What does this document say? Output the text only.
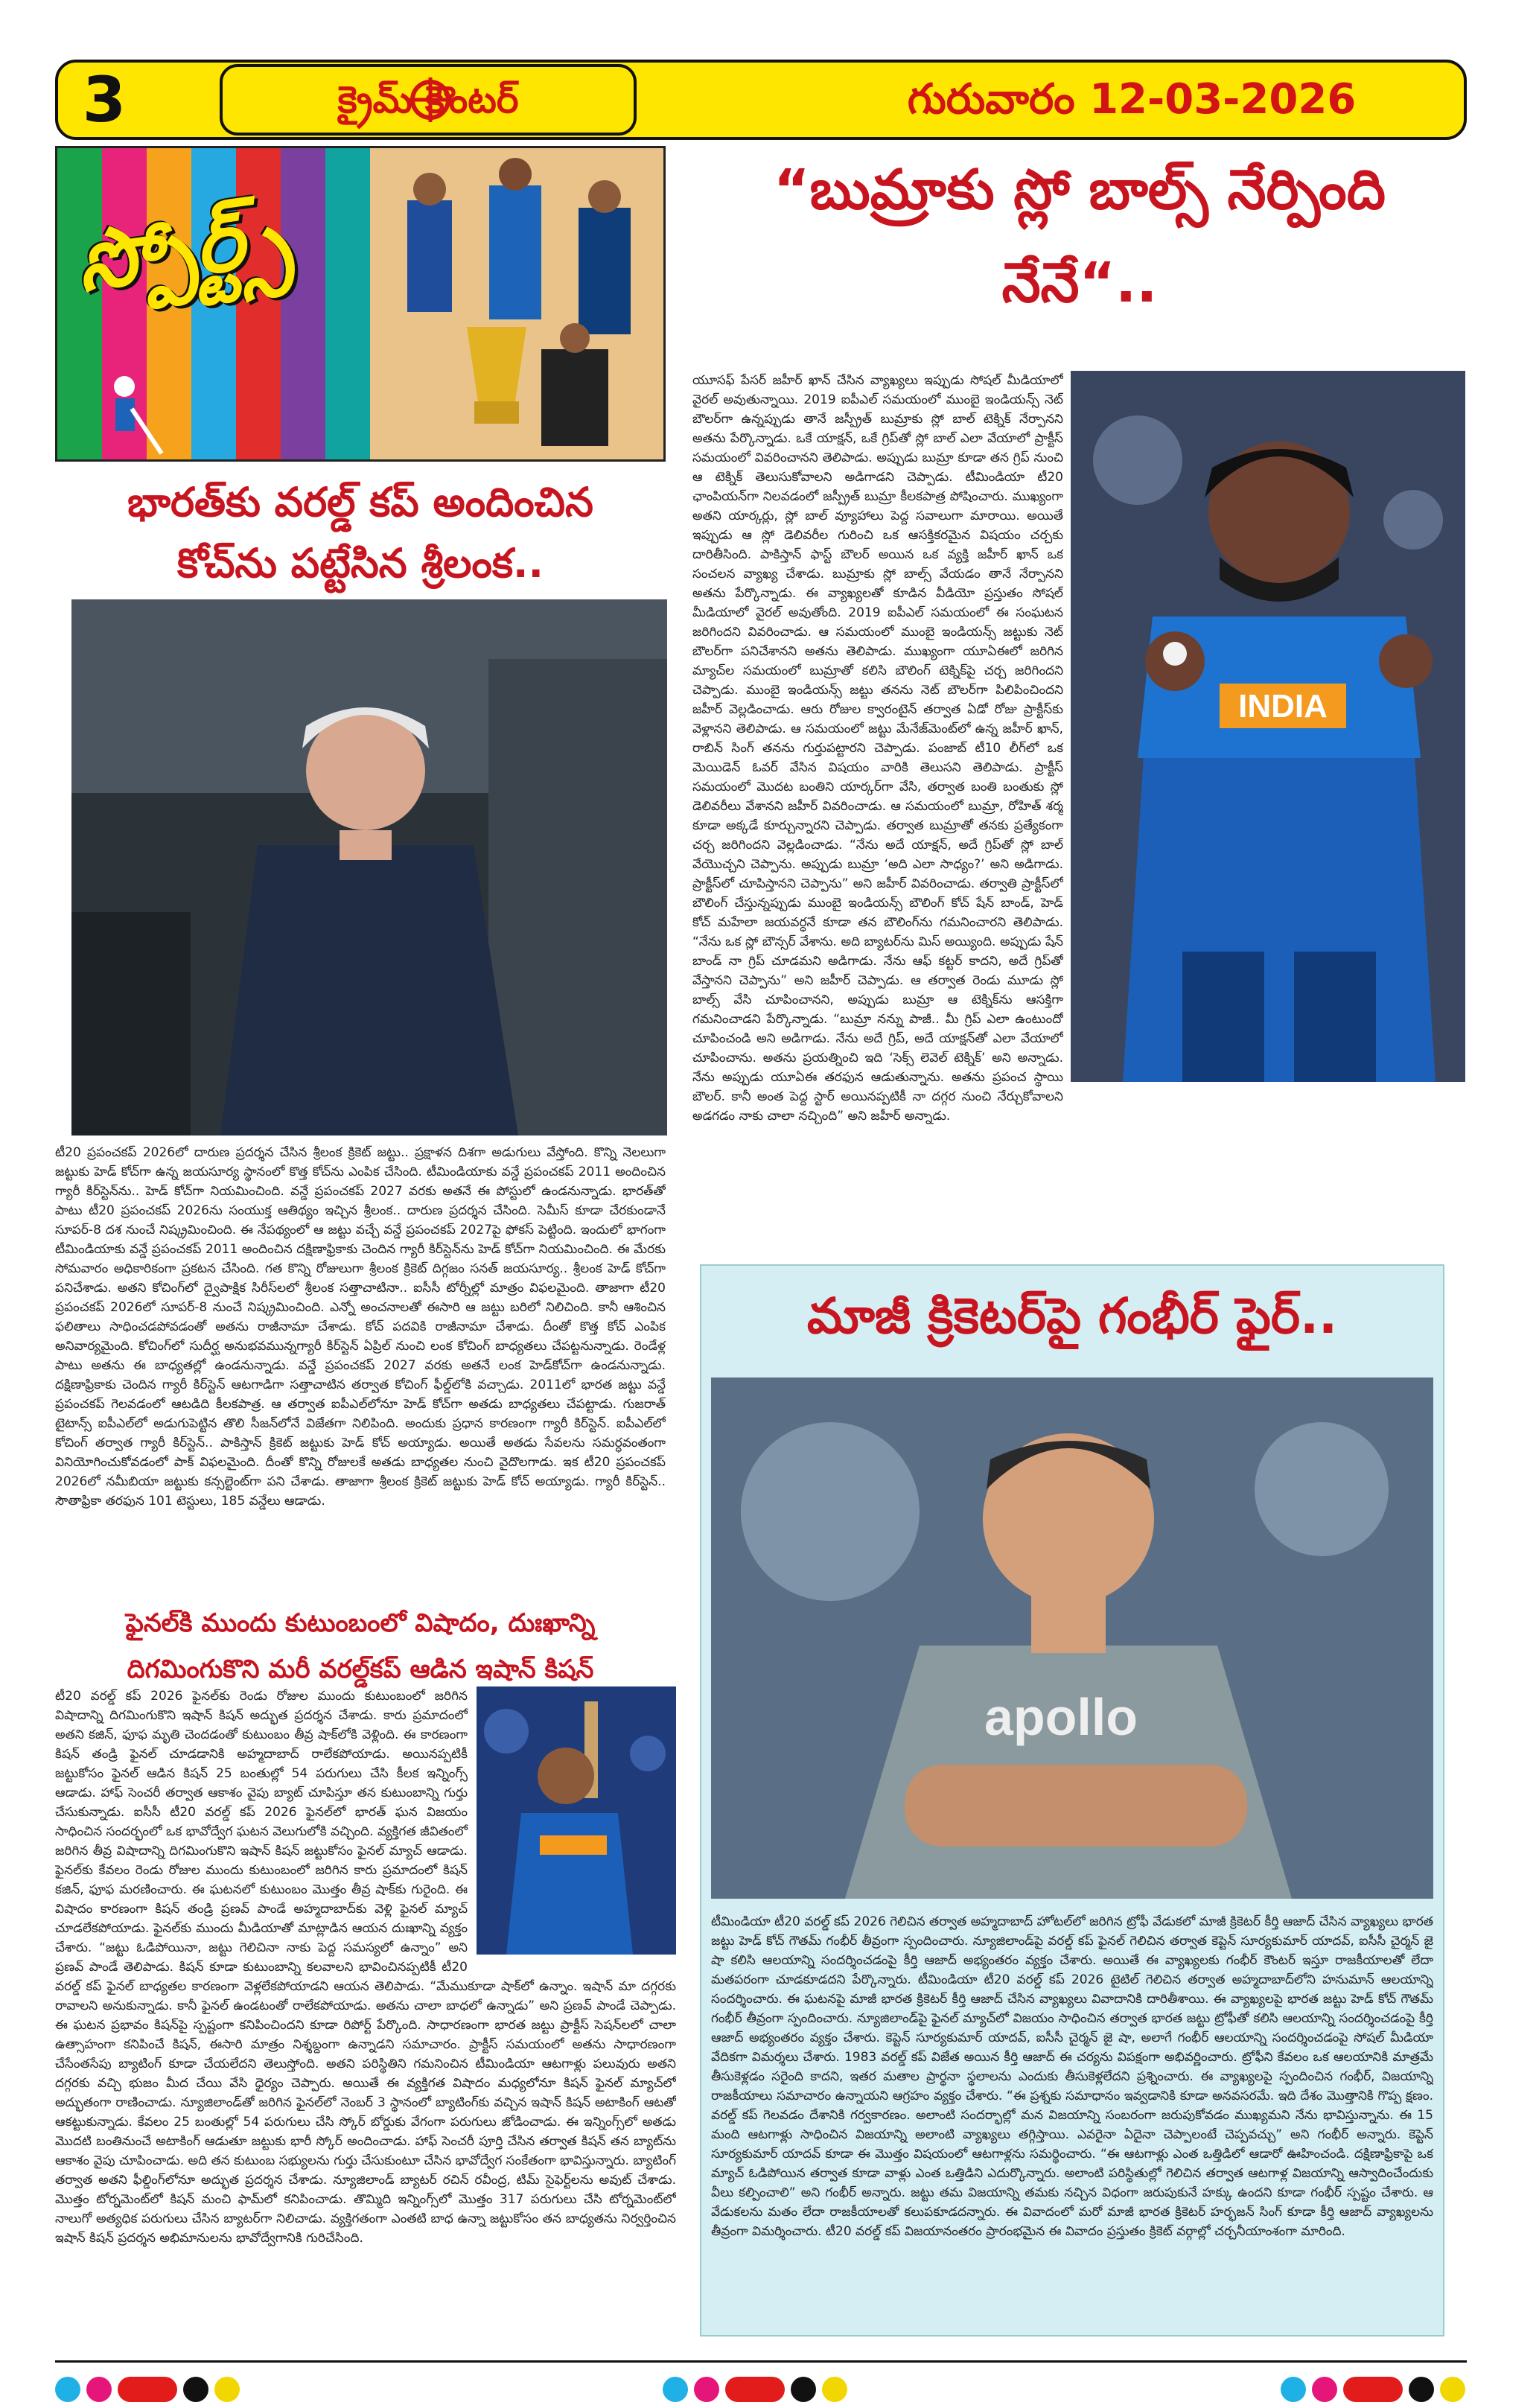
3	క్రైమ్ కౌంటర్	గురువారం 12-03-2026
స్పోర్ట్స్	“బుమ్రాకు స్లో బాల్స్ నేర్పింది
నేనే“..
INDIA
యూసఫ్ పేసర్ జహీర్ ఖాన్ చేసిన వ్యాఖ్యలు ఇప్పుడు సోషల్ మీడియాలో వైరల్ అవుతున్నాయి. 2019 ఐపీఎల్ సమయంలో ముంబై ఇండియన్స్ నెట్ బౌలర్‌గా ఉన్నప్పుడు తానే జస్ప్రీత్ బుమ్రాకు స్లో బాల్ టెక్నిక్ నేర్పానని అతను పేర్కొన్నాడు. ఒకే యాక్షన్, ఒకే గ్రిప్‌తో స్లో బాల్ ఎలా వేయాలో ప్రాక్టీస్ సమయంలో వివరించానని తెలిపాడు. అప్పుడు బుమ్రా కూడా తన గ్రిప్ నుంచి ఆ టెక్నిక్ తెలుసుకోవాలని అడిగాడని చెప్పాడు. టీమిండియా టీ20 ఛాంపియన్‌గా నిలవడంలో జస్ప్రీత్ బుమ్రా కీలకపాత్ర పోషించారు. ముఖ్యంగా అతని యార్కర్లు, స్లో బాల్ వ్యూహాలు పెద్ద సవాలుగా మారాయి. అయితే ఇప్పుడు ఆ స్లో డెలివరీల గురించి ఒక ఆసక్తికరమైన విషయం చర్చకు దారితీసింది. పాకిస్తాన్ ఫాస్ట్ బౌలర్ అయిన ఒక వ్యక్తి జహీర్ ఖాన్ ఒక సంచలన వ్యాఖ్య చేశాడు. బుమ్రాకు స్లో బాల్స్ వేయడం తానే నేర్పానని అతను పేర్కొన్నాడు. ఈ వ్యాఖ్యలతో కూడిన వీడియో ప్రస్తుతం సోషల్ మీడియాలో వైరల్ అవుతోంది. 2019 ఐపీఎల్ సమయంలో ఈ సంఘటన జరిగిందని వివరించాడు. ఆ సమయంలో ముంబై ఇండియన్స్ జట్టుకు నెట్ బౌలర్‌గా పనిచేశానని అతను తెలిపాడు. ముఖ్యంగా యూఏఈలో జరిగిన మ్యాచ్‌ల సమయంలో బుమ్రాతో కలిసి బౌలింగ్ టెక్నిక్‌పై చర్చ జరిగిందని చెప్పాడు. ముంబై ఇండియన్స్ జట్టు తనను నెట్ బౌలర్‌గా పిలిపించిందని జహీర్ వెల్లడించాడు. ఆరు రోజుల క్వారంటైన్ తర్వాత ఏడో రోజు ప్రాక్టీస్‌కు వెళ్లానని తెలిపాడు. ఆ సమయంలో జట్టు మేనేజ్‌మెంట్‌లో ఉన్న జహీర్ ఖాన్, రాబిన్ సింగ్ తనను గుర్తుపట్టారని చెప్పాడు. పంజాబ్ టీ10 లీగ్‌లో ఒక మెయిడెన్ ఓవర్ వేసిన విషయం వారికి తెలుసని తెలిపాడు. ప్రాక్టీస్ సమయంలో మొదట బంతిని యార్కర్‌గా వేసి, తర్వాత బంతి బంతుకు స్లో డెలివరీలు వేశానని జహీర్ వివరించాడు. ఆ సమయంలో బుమ్రా, రోహిత్ శర్మ కూడా అక్కడే కూర్చున్నారని చెప్పాడు. తర్వాత బుమ్రాతో తనకు ప్రత్యేకంగా చర్చ జరిగిందని వెల్లడించాడు. “నేను అదే యాక్షన్, అదే గ్రిప్‌తో స్లో బాల్ వేయొచ్చని చెప్పాను. అప్పుడు బుమ్రా ‘అది ఎలా సాధ్యం?’ అని అడిగాడు. ప్రాక్టీస్‌లో చూపిస్తానని చెప్పాను” అని జహీర్ వివరించాడు. తర్వాతి ప్రాక్టీస్‌లో బౌలింగ్ చేస్తున్నప్పుడు ముంబై ఇండియన్స్ బౌలింగ్ కోచ్ షేన్ బాండ్, హెడ్ కోచ్ మహేలా జయవర్ధనే కూడా తన బౌలింగ్‌ను గమనించారని తెలిపాడు. “నేను ఒక స్లో బౌన్సర్ వేశాను. అది బ్యాటర్‌ను మిస్ అయ్యింది. అప్పుడు షేన్ బాండ్ నా గ్రిప్ చూడమని అడిగాడు. నేను ఆఫ్ కట్టర్ కాదని, అదే గ్రిప్‌తో వేస్తానని చెప్పాను” అని జహీర్ చెప్పాడు. ఆ తర్వాత రెండు మూడు స్లో బాల్స్ వేసి చూపించానని, అప్పుడు బుమ్రా ఆ టెక్నిక్‌ను ఆసక్తిగా గమనించాడని పేర్కొన్నాడు. “బుమ్రా నన్ను పాజీ.. మీ గ్రిప్ ఎలా ఉంటుందో చూపించండి అని అడిగాడు. నేను అదే గ్రిప్, అదే యాక్షన్‌తో ఎలా వేయాలో చూపించాను. అతను ప్రయత్నించి ఇది ‘సెక్స్ లెవెల్ టెక్నిక్’ అని అన్నాడు. నేను అప్పుడు యూఏఈ తరఫున ఆడుతున్నాను. అతను ప్రపంచ స్థాయి బౌలర్. కానీ అంత పెద్ద స్టార్ అయినప్పటికీ నా దగ్గర నుంచి నేర్చుకోవాలని అడగడం నాకు చాలా నచ్చింది” అని జహీర్ అన్నాడు.
భారత్‌కు వరల్డ్ కప్ అందించిన
కోచ్‌ను పట్టేసిన శ్రీలంక..
టీ20 ప్రపంచకప్ 2026లో దారుణ ప్రదర్శన చేసిన శ్రీలంక క్రికెట్ జట్టు.. ప్రక్షాళన దిశగా అడుగులు వేస్తోంది. కొన్ని నెలలుగా జట్టుకు హెడ్ కోచ్‌గా ఉన్న జయసూర్య స్థానంలో కొత్త కోచ్‌ను ఎంపిక చేసింది. టీమిండియాకు వన్డే ప్రపంచకప్ 2011 అందించిన గ్యారీ కిర్‌స్టెన్‌ను.. హెడ్ కోచ్‌గా నియమించింది. వన్డే ప్రపంచకప్ 2027 వరకు అతనే ఈ పోస్టులో ఉండనున్నాడు. భారత్‌తో పాటు టీ20 ప్రపంచకప్ 2026ను సంయుక్త ఆతిథ్యం ఇచ్చిన శ్రీలంక.. దారుణ ప్రదర్శన చేసింది. సెమీస్ కూడా చేరకుండానే సూపర్-8 దశ నుంచే నిష్క్రమించింది. ఈ నేపథ్యంలో ఆ జట్టు వచ్చే వన్డే ప్రపంచకప్ 2027పై ఫోకస్ పెట్టింది. ఇందులో భాగంగా టీమిండియాకు వన్డే ప్రపంచకప్ 2011 అందించిన దక్షిణాఫ్రికాకు చెందిన గ్యారీ కిర్‌స్టెన్‌ను హెడ్ కోచ్‌గా నియమించింది. ఈ మేరకు సోమవారం అధికారికంగా ప్రకటన చేసింది. గత కొన్ని రోజులుగా శ్రీలంక క్రికెట్ దిగ్గజం సనత్ జయసూర్య.. శ్రీలంక హెడ్ కోచ్‌గా పనిచేశాడు. అతని కోచింగ్‌లో ద్వైపాక్షిక సిరీస్‌లలో శ్రీలంక సత్తాచాటినా.. ఐసీసీ టోర్నీల్లో మాత్రం విఫలమైంది. తాజాగా టీ20 ప్రపంచకప్ 2026లో సూపర్-8 నుంచే నిష్క్రమించింది. ఎన్నో అంచనాలతో ఈసారి ఆ జట్టు బరిలో నిలిచింది. కానీ ఆశించిన ఫలితాలు సాధించడపోవడంతో అతను రాజీనామా చేశాడు. కోచ్ పదవికి రాజీనామా చేశాడు. దీంతో కొత్త కోచ్ ఎంపిక అనివార్యమైంది. కోచింగ్‌లో సుదీర్ఘ అనుభవమున్నగ్యారీ కిర్‌స్టెన్ ఏప్రిల్ నుంచి లంక కోచింగ్ బాధ్యతలు చేపట్టనున్నాడు. రెండేళ్ల పాటు అతను ఈ బాధ్యతల్లో ఉండనున్నాడు. వన్డే ప్రపంచకప్ 2027 వరకు అతనే లంక హెడ్‌కోచ్‌గా ఉండనున్నాడు. దక్షిణాఫ్రికాకు చెందిన గ్యారీ కిర్‌స్టెన్ ఆటగాడిగా సత్తాచాటిన తర్వాత కోచింగ్ ఫీల్డ్‌లోకి వచ్చాడు. 2011లో భారత జట్టు వన్డే ప్రపంచకప్ గెలవడంలో ఆటడిది కీలకపాత్ర. ఆ తర్వాత ఐపీఎల్‌లోనూ హెడ్ కోచ్‌గా అతడు బాధ్యతలు చేపట్టాడు. గుజరాత్ టైటాన్స్ ఐపీఎల్‌లో అడుగుపెట్టిన తొలి సీజన్‌లోనే విజేతగా నిలిపింది. అందుకు ప్రధాన కారణంగా గ్యారీ కిర్‌స్టెన్. ఐపీఎల్‌లో కోచింగ్ తర్వాత గ్యారీ కిర్‌స్టెన్.. పాకిస్తాన్ క్రికెట్ జట్టుకు హెడ్ కోచ్ అయ్యాడు. అయితే అతడు సేవలను సమర్ధవంతంగా వినియోగించుకోవడంలో పాక్ విఫలమైంది. దీంతో కొన్ని రోజులకే అతడు బాధ్యతల నుంచి వైదొలగాడు. ఇక టీ20 ప్రపంచకప్ 2026లో నమీబియా జట్టుకు కన్సల్టెంట్‌గా పని చేశాడు. తాజాగా శ్రీలంక క్రికెట్ జట్టుకు హెడ్ కోచ్ అయ్యాడు. గ్యారీ కిర్‌స్టెన్.. సౌతాఫ్రికా తరఫున 101 టెస్టులు, 185 వన్డేలు ఆడాడు.
ఫైనల్‌కి ముందు కుటుంబంలో విషాదం, దుఃఖాన్ని
దిగమింగుకొని మరీ వరల్డ్‌కప్ ఆడిన ఇషాన్ కిషన్
టీ20 వరల్డ్ కప్ 2026 ఫైనల్‌కు రెండు రోజుల ముందు కుటుంబంలో జరిగిన విషాదాన్ని దిగమింగుకొని ఇషాన్ కిషన్ అద్భుత ప్రదర్శన చేశాడు. కారు ప్రమాదంలో అతని కజిన్, ఫూఫ మృతి చెందడంతో కుటుంబం తీవ్ర షాక్‌లోకి వెళ్లింది. ఈ కారణంగా కిషన్ తండ్రి ఫైనల్ చూడడానికి అహ్మదాబాద్ రాలేకపోయాడు. అయినప్పటికీ జట్టుకోసం ఫైనల్ ఆడిన కిషన్ 25 బంతుల్లో 54 పరుగులు చేసి కీలక ఇన్నింగ్స్ ఆడాడు. హాఫ్ సెంచరీ తర్వాత ఆకాశం వైపు బ్యాట్ చూపిస్తూ తన కుటుంబాన్ని గుర్తు చేసుకున్నాడు. ఐసీసీ టీ20 వరల్డ్ కప్ 2026 ఫైనల్‌లో భారత్ ఘన విజయం సాధించిన సందర్భంలో ఒక భావోద్వేగ ఘటన వెలుగులోకి వచ్చింది. వ్యక్తిగత జీవితంలో జరిగిన తీవ్ర విషాదాన్ని దిగమింగుకొని ఇషాన్ కిషన్ జట్టుకోసం ఫైనల్ మ్యాచ్ ఆడాడు. ఫైనల్‌కు కేవలం రెండు రోజుల ముందు కుటుంబంలో జరిగిన కారు ప్రమాదంలో కిషన్ కజిన్, ఫూఫ మరణించారు. ఈ ఘటనలో కుటుంబం మొత్తం తీవ్ర షాక్‌కు గురైంది. ఈ విషాదం కారణంగా కిషన్ తండ్రి ప్రణవ్ పాండే అహ్మదాబాద్‌కు వెళ్లి ఫైనల్ మ్యాచ్ చూడలేకపోయాడు. ఫైనల్‌కు ముందు మీడియాతో మాట్లాడిన ఆయన దుఃఖాన్ని వ్యక్తం చేశారు. “జట్టు ఓడిపోయినా, జట్టు గెలిచినా నాకు పెద్ద సమస్యలో ఉన్నాం” అని ప్రణవ్ పాండే తెలిపాడు. కిషన్ కూడా కుటుంబాన్ని కలవాలని భావించినప్పటికీ టీ20 వరల్డ్ కప్ ఫైనల్ బాధ్యతల కారణంగా వెళ్లలేకపోయాడని ఆయన తెలిపాడు. “మేముకూడా షాక్‌లో ఉన్నాం. ఇషాన్ మా దగ్గరకు రావాలని అనుకున్నాడు. కానీ ఫైనల్ ఉండటంతో రాలేకపోయాడు. అతను చాలా బాధలో ఉన్నాడు” అని ప్రణవ్ పాండే చెప్పాడు. ఈ ఘటన ప్రభావం కిషన్‌పై స్పష్టంగా కనిపించిందని కూడా రిపోర్ట్ పేర్కొంది. సాధారణంగా భారత జట్టు ప్రాక్టీస్ సెషన్‌లలో చాలా ఉత్సాహంగా కనిపించే కిషన్, ఈసారి మాత్రం నిశ్శబ్దంగా ఉన్నాడని సమాచారం. ప్రాక్టీస్ సమయంలో అతను సాధారణంగా చేసేంతసేపు బ్యాటింగ్ కూడా చేయలేదని తెలుస్తోంది. అతని పరిస్థితిని గమనించిన టీమిండియా ఆటగాళ్లు పలువురు అతని దగ్గరకు వచ్చి భుజం మీద చేయి వేసి ధైర్యం చెప్పారు. అయితే ఈ వ్యక్తిగత విషాదం మధ్యలోనూ కిషన్ ఫైనల్ మ్యాచ్‌లో అద్భుతంగా రాణించాడు. న్యూజిలాండ్‌తో జరిగిన ఫైనల్‌లో నెంబర్ 3 స్థానంలో బ్యాటింగ్‌కు వచ్చిన ఇషాన్ కిషన్ అటాకింగ్ ఆటతో ఆకట్టుకున్నాడు. కేవలం 25 బంతుల్లో 54 పరుగులు చేసి స్కోర్ బోర్డుకు వేగంగా పరుగులు జోడించాడు. ఈ ఇన్నింగ్స్‌లో అతడు మొదటి బంతినుంచే అటాకింగ్ ఆడుతూ జట్టుకు భారీ స్కోర్ అందించాడు. హాఫ్ సెంచరీ పూర్తి చేసిన తర్వాత కిషన్ తన బ్యాట్‌ను ఆకాశం వైపు చూపించాడు. అది తన కుటుంబ సభ్యులను గుర్తు చేసుకుంటూ చేసిన భావోద్వేగ సంకేతంగా భావిస్తున్నారు. బ్యాటింగ్ తర్వాత అతని ఫీల్డింగ్‌లోనూ అద్భుత ప్రదర్శన చేశాడు. న్యూజిలాండ్ బ్యాటర్ రచిన్ రవీంద్ర, టిమ్ సైఫెర్ట్‌లను అవుట్ చేశాడు. మొత్తం టోర్నమెంట్‌లో కిషన్ మంచి ఫామ్‌లో కనిపించాడు. తొమ్మిది ఇన్నింగ్స్‌లో మొత్తం 317 పరుగులు చేసి టోర్నమెంట్‌లో నాలుగో అత్యధిక పరుగులు చేసిన బ్యాటర్‌గా నిలిచాడు. వ్యక్తిగతంగా ఎంతటి బాధ ఉన్నా జట్టుకోసం తన బాధ్యతను నిర్వర్తించిన ఇషాన్ కిషన్ ప్రదర్శన అభిమానులను భావోద్వేగానికి గురిచేసింది.
మాజీ క్రికెటర్‌పై గంభీర్ ఫైర్..
apollo
టీమిండియా టీ20 వరల్డ్ కప్ 2026 గెలిచిన తర్వాత అహ్మదాబాద్ హోటల్‌లో జరిగిన ట్రోఫీ వేడుకలో మాజీ క్రికెటర్ కీర్తి ఆజాద్ చేసిన వ్యాఖ్యలు భారత జట్టు హెడ్ కోచ్ గౌతమ్ గంభీర్ తీవ్రంగా స్పందించారు. న్యూజిలాండ్‌పై వరల్డ్ కప్ ఫైనల్ గెలిచిన తర్వాత కెప్టెన్ సూర్యకుమార్ యాదవ్, ఐసీసీ చైర్మన్ జై షా కలిసి ఆలయాన్ని సందర్శించడంపై కీర్తి ఆజాద్ అభ్యంతరం వ్యక్తం చేశారు. అయితే ఈ వ్యాఖ్యలకు గంభీర్ కౌంటర్ ఇస్తూ రాజకీయాలతో లేదా మతపరంగా చూడకూడదని పేర్కొన్నారు. టీమిండియా టీ20 వరల్డ్ కప్ 2026 టైటిల్ గెలిచిన తర్వాత అహ్మదాబాద్‌లోని హనుమాన్ ఆలయాన్ని సందర్శించారు. ఈ ఘటనపై మాజీ భారత క్రికెటర్ కీర్తి ఆజాద్ చేసిన వ్యాఖ్యలు వివాదానికి దారితీశాయి. ఈ వ్యాఖ్యలపై భారత జట్టు హెడ్ కోచ్ గౌతమ్ గంభీర్ తీవ్రంగా స్పందించారు. న్యూజిలాండ్‌పై ఫైనల్ మ్యాచ్‌లో విజయం సాధించిన తర్వాత భారత జట్టు ట్రోఫీతో కలిసి ఆలయాన్ని సందర్శించడంపై కీర్తి ఆజాద్ అభ్యంతరం వ్యక్తం చేశారు. కెప్టెన్ సూర్యకుమార్ యాదవ్, ఐసీసీ చైర్మన్ జై షా, అలాగే గంభీర్ ఆలయాన్ని సందర్శించడంపై సోషల్ మీడియా వేదికగా విమర్శలు చేశారు. 1983 వరల్డ్ కప్ విజేత అయిన కీర్తి ఆజాద్ ఈ చర్యను విపక్షంగా అభివర్ణించారు. ట్రోఫీని కేవలం ఒక ఆలయానికి మాత్రమే తీసుకెళ్లడం సరైంది కాదని, ఇతర మతాల ప్రార్థనా స్థలాలను ఎందుకు తీసుకెళ్లలేదని ప్రశ్నించారు. ఈ వ్యాఖ్యలపై స్పందించిన గంభీర్, విజయాన్ని రాజకీయాలు సమాచారం ఉన్నాయని ఆగ్రహం వ్యక్తం చేశారు. “ఈ ప్రశ్నకు సమాధానం ఇవ్వడానికి కూడా అనవసరమే. ఇది దేశం మొత్తానికి గొప్ప క్షణం. వరల్డ్ కప్ గెలవడం దేశానికి గర్వకారణం. అలాంటి సందర్భాల్లో మన విజయాన్ని సంబరంగా జరుపుకోవడం ముఖ్యమని నేను భావిస్తున్నాను. ఈ 15 మంది ఆటగాళ్లు సాధించిన విజయాన్ని అలాంటి వ్యాఖ్యలు తగ్గిస్తాయి. ఎవరైనా ఏదైనా చెప్పాలంటే చెప్పవచ్చు” అని గంభీర్ అన్నారు. కెప్టెన్ సూర్యకుమార్ యాదవ్ కూడా ఈ మొత్తం విషయంలో ఆటగాళ్లను సమర్థించారు. “ఈ ఆటగాళ్లు ఎంత ఒత్తిడిలో ఆడారో ఊహించండి. దక్షిణాఫ్రికాపై ఒక మ్యాచ్ ఓడిపోయిన తర్వాత కూడా వాళ్లు ఎంత ఒత్తిడిని ఎదుర్కొన్నారు. అలాంటి పరిస్థితుల్లో గెలిచిన తర్వాత ఆటగాళ్ల విజయాన్ని ఆస్వాదించేందుకు వీలు కల్పించాలి” అని గంభీర్ అన్నారు. జట్టు తమ విజయాన్ని తమకు నచ్చిన విధంగా జరుపుకునే హక్కు ఉందని కూడా గంభీర్ స్పష్టం చేశారు. ఆ వేడుకలను మతం లేదా రాజకీయాలతో కలుపకూడదన్నారు. ఈ వివాదంలో మరో మాజీ భారత క్రికెటర్ హర్భజన్ సింగ్ కూడా కీర్తి ఆజాద్ వ్యాఖ్యలను తీవ్రంగా విమర్శించారు. టీ20 వరల్డ్ కప్ విజయానంతరం ప్రారంభమైన ఈ వివాదం ప్రస్తుతం క్రికెట్ వర్గాల్లో చర్చనీయాంశంగా మారింది.
